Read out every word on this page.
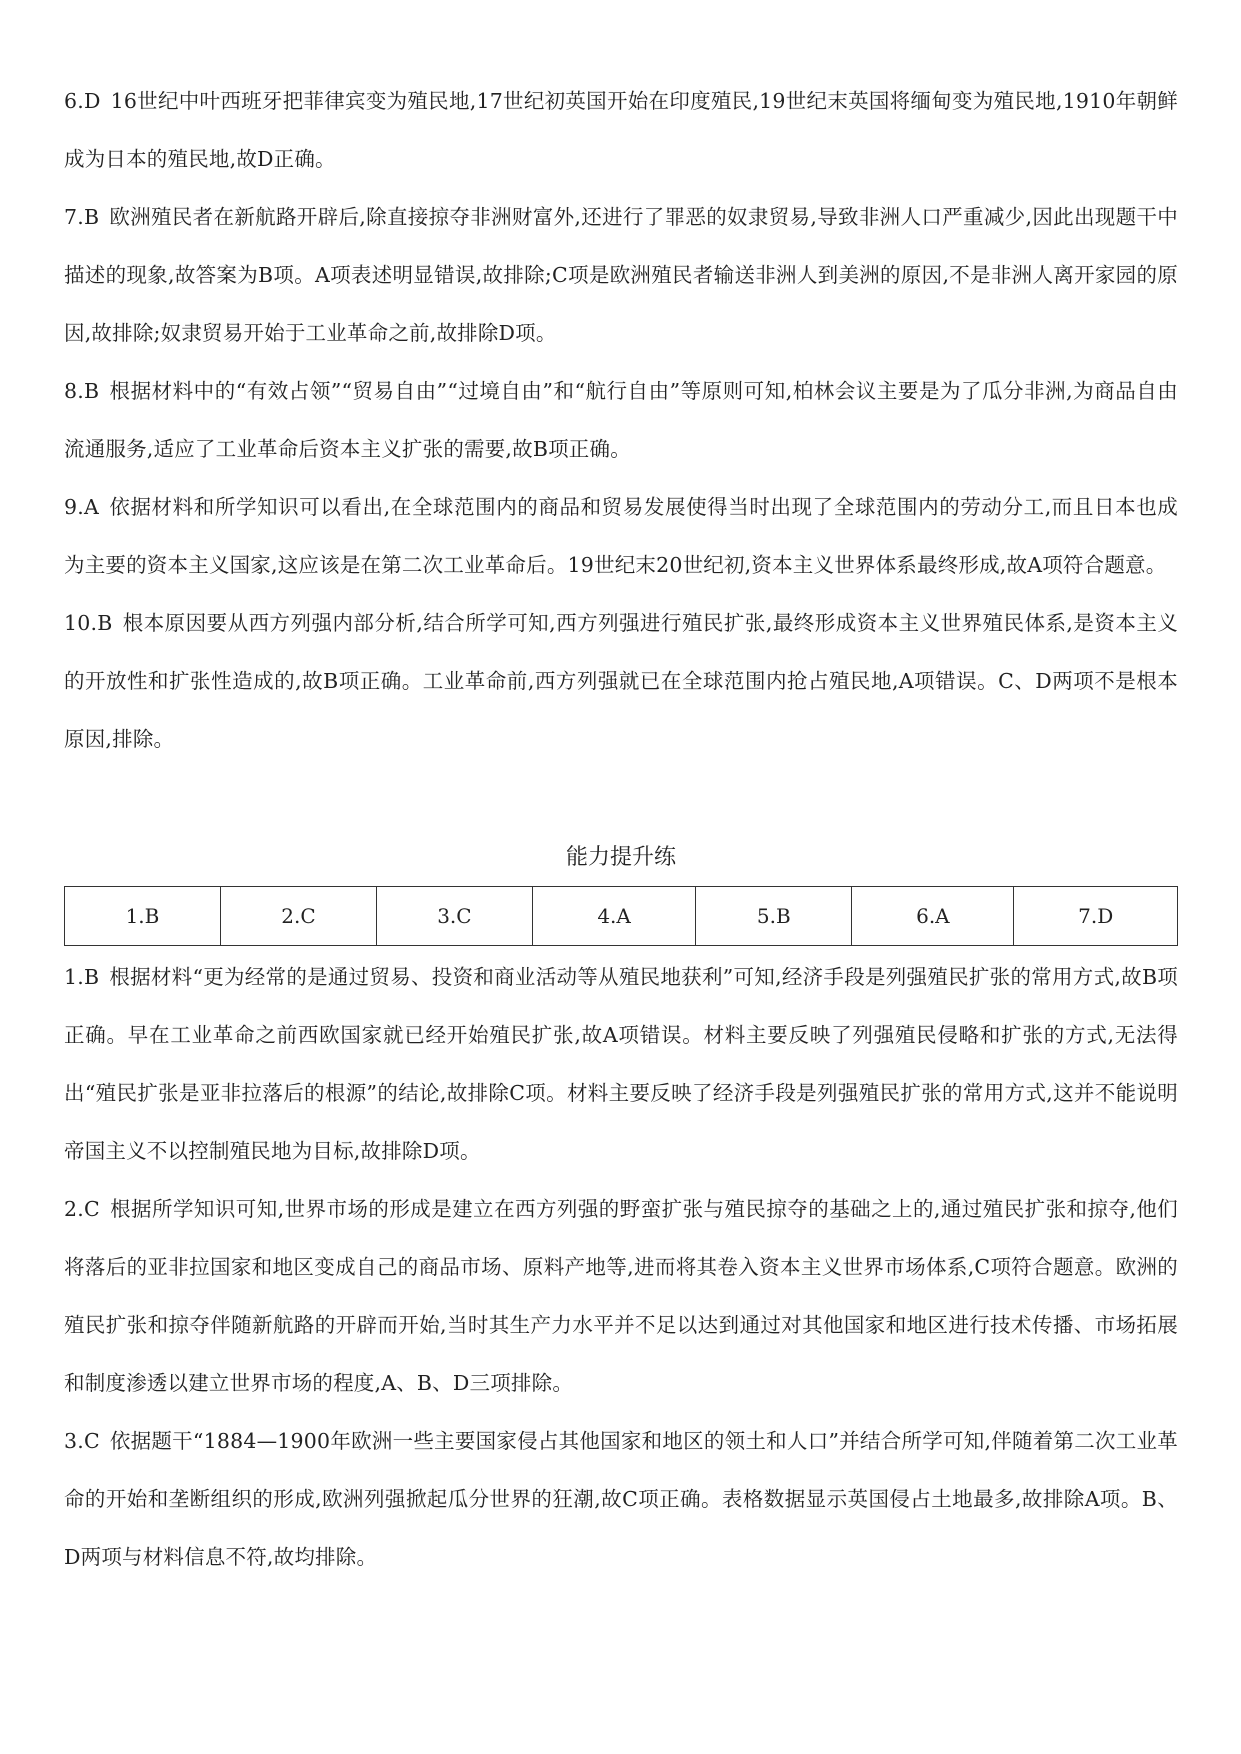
6.D 16世纪中叶西班牙把菲律宾变为殖民地,17世纪初英国开始在印度殖民,19世纪末英国将缅甸变为殖民地,1910年朝鲜成为日本的殖民地,故D正确。

7.B 欧洲殖民者在新航路开辟后,除直接掠夺非洲财富外,还进行了罪恶的奴隶贸易,导致非洲人口严重减少,因此出现题干中描述的现象,故答案为B项。A项表述明显错误,故排除;C项是欧洲殖民者输送非洲人到美洲的原因,不是非洲人离开家园的原因,故排除;奴隶贸易开始于工业革命之前,故排除D项。

8.B 根据材料中的“有效占领”“贸易自由”“过境自由”和“航行自由”等原则可知,柏林会议主要是为了瓜分非洲,为商品自由流通服务,适应了工业革命后资本主义扩张的需要,故B项正确。

9.A 依据材料和所学知识可以看出,在全球范围内的商品和贸易发展使得当时出现了全球范围内的劳动分工,而且日本也成为主要的资本主义国家,这应该是在第二次工业革命后。19世纪末20世纪初,资本主义世界体系最终形成,故A项符合题意。

10.B 根本原因要从西方列强内部分析,结合所学可知,西方列强进行殖民扩张,最终形成资本主义世界殖民体系,是资本主义的开放性和扩张性造成的,故B项正确。工业革命前,西方列强就已在全球范围内抢占殖民地,A项错误。C、D两项不是根本原因,排除。

能力提升练
1.B	2.C	3.C	4.A	5.B	6.A	7.D

1.B 根据材料“更为经常的是通过贸易、投资和商业活动等从殖民地获利”可知,经济手段是列强殖民扩张的常用方式,故B项正确。早在工业革命之前西欧国家就已经开始殖民扩张,故A项错误。材料主要反映了列强殖民侵略和扩张的方式,无法得出“殖民扩张是亚非拉落后的根源”的结论,故排除C项。材料主要反映了经济手段是列强殖民扩张的常用方式,这并不能说明帝国主义不以控制殖民地为目标,故排除D项。

2.C 根据所学知识可知,世界市场的形成是建立在西方列强的野蛮扩张与殖民掠夺的基础之上的,通过殖民扩张和掠夺,他们将落后的亚非拉国家和地区变成自己的商品市场、原料产地等,进而将其卷入资本主义世界市场体系,C项符合题意。欧洲的殖民扩张和掠夺伴随新航路的开辟而开始,当时其生产力水平并不足以达到通过对其他国家和地区进行技术传播、市场拓展和制度渗透以建立世界市场的程度,A、B、D三项排除。

3.C 依据题干“1884—1900年欧洲一些主要国家侵占其他国家和地区的领土和人口”并结合所学可知,伴随着第二次工业革命的开始和垄断组织的形成,欧洲列强掀起瓜分世界的狂潮,故C项正确。表格数据显示英国侵占土地最多,故排除A项。B、D两项与材料信息不符,故均排除。
